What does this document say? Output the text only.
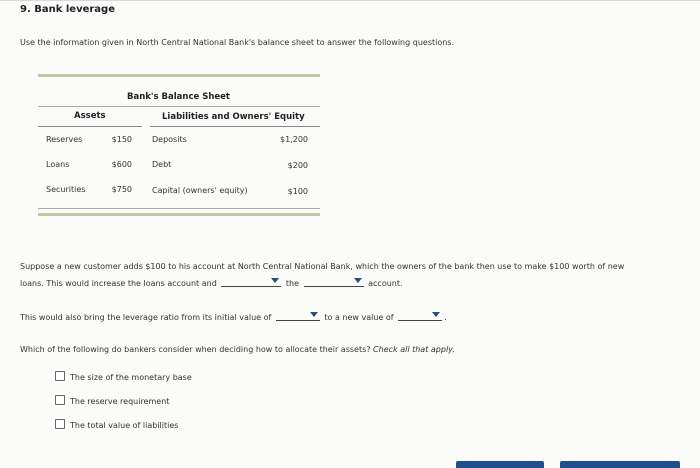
9. Bank leverage
Use the information given in North Central National Bank's balance sheet to answer the following questions.
Bank's Balance Sheet
Assets	Liabilities and Owners' Equity
Reserves	$150	Deposits	$1,200
Loans	$600	Debt	$200
Securities	$750	Capital (owners' equity)	$100
Suppose a new customer adds $100 to his account at North Central National Bank, which the owners of the bank then use to make $100 worth of new
loans. This would increase the loans account and	the	account.
This would also bring the leverage ratio from its initial value of	to a new value of	.
Which of the following do bankers consider when deciding how to allocate their assets? Check all that apply.
The size of the monetary base
The reserve requirement
The total value of liabilities
